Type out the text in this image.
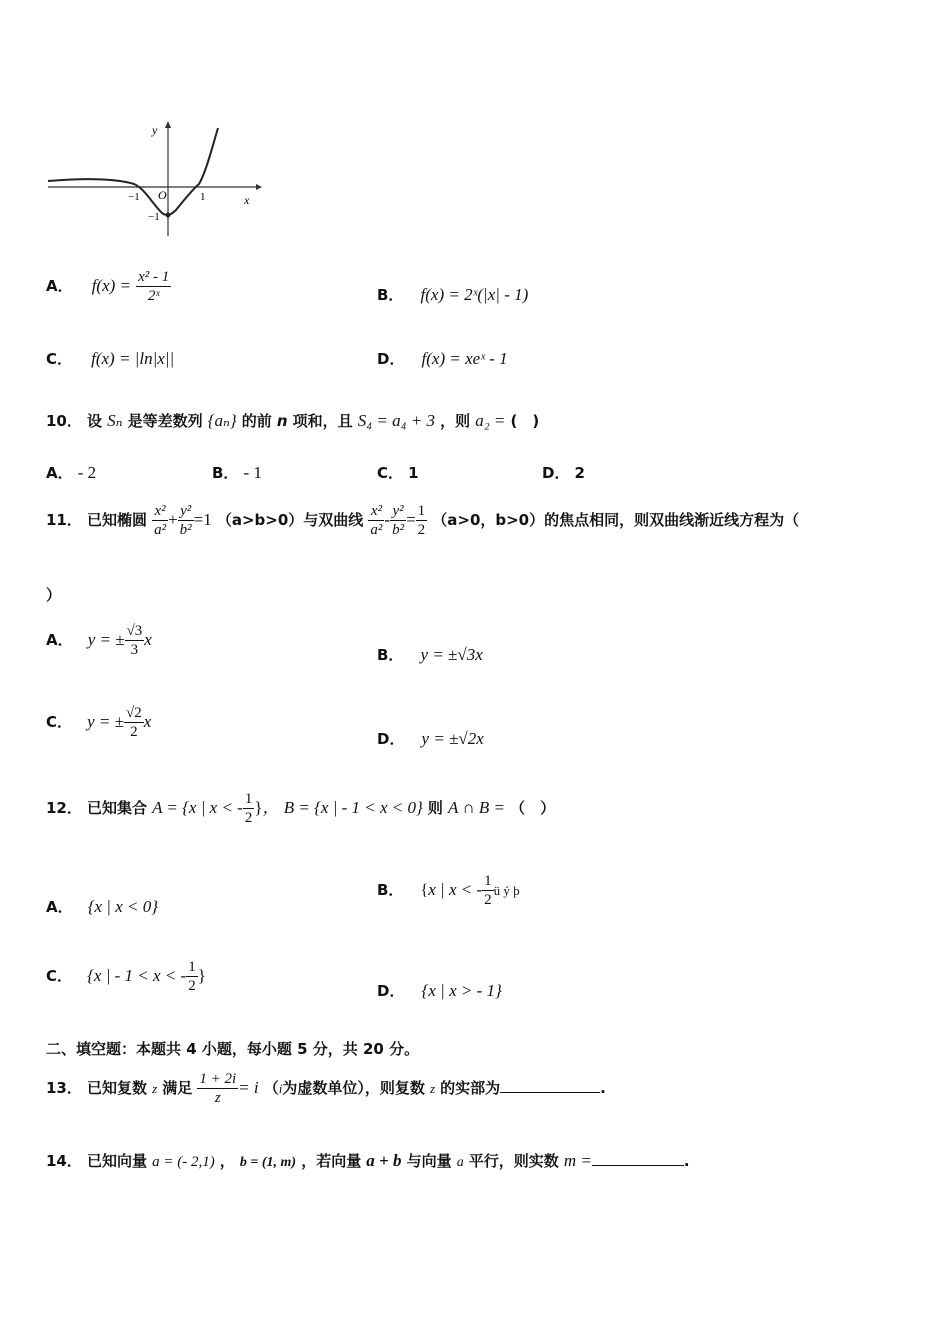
y
x
O
−1	1
−1
A． $f(x) = \frac{\text{x² - 1}}{\text{2ˣ}}$	B． f(x) = 2ˣ(|x| - 1)
C． f(x) = |ln|x||	D． f(x) = xeˣ - 1
10． 设 Sₙ 是等差数列 {aₙ} 的前 n 项和，且 S₄ = a₄ + 3 ，则 a₂ = (　)
A． - 2	B． - 1	C． 1	D． 2
11． 已知椭圆 $\frac{\text{x²}}{\text{a²}} + \frac{\text{y²}}{\text{b²}} =1$ （a>b>0）与双曲线 $\frac{\text{x²}}{\text{a²}} - \frac{\text{y²}}{\text{b²}} = \frac{1}{2} (a>0$，b>0）的焦点相同，则双曲线渐近线方程为（
）
A． y = ± $\frac{√3}{3}$ x
B． y = ±√3x
C． y = ± $\frac{√2}{2}$ x
D． y = ±√2x
12． 已知集合 A = {x | x < - $\frac{1}{2}$ }， B = {x | - 1 < x < 0} 则 A ∩ B = （　）
A． {x | x < 0}
B． {x | x < - $\frac{1}{2}$ ü ý þ
C． {x | - 1 < x < - $\frac{1}{2}$ }
D． {x | x > - 1}
二、填空题：本题共 4 小题，每小题 5 分，共 20 分。
13． 已知复数 z 满足 $\frac{1 + 2i}{z} = i$ （i为虚数单位），则复数 z 的实部为	.
14． 已知向量 a = (- 2,1) ， b = (1, m) ，若向量 a + b 与向量 a 平行，则实数 m =	.
